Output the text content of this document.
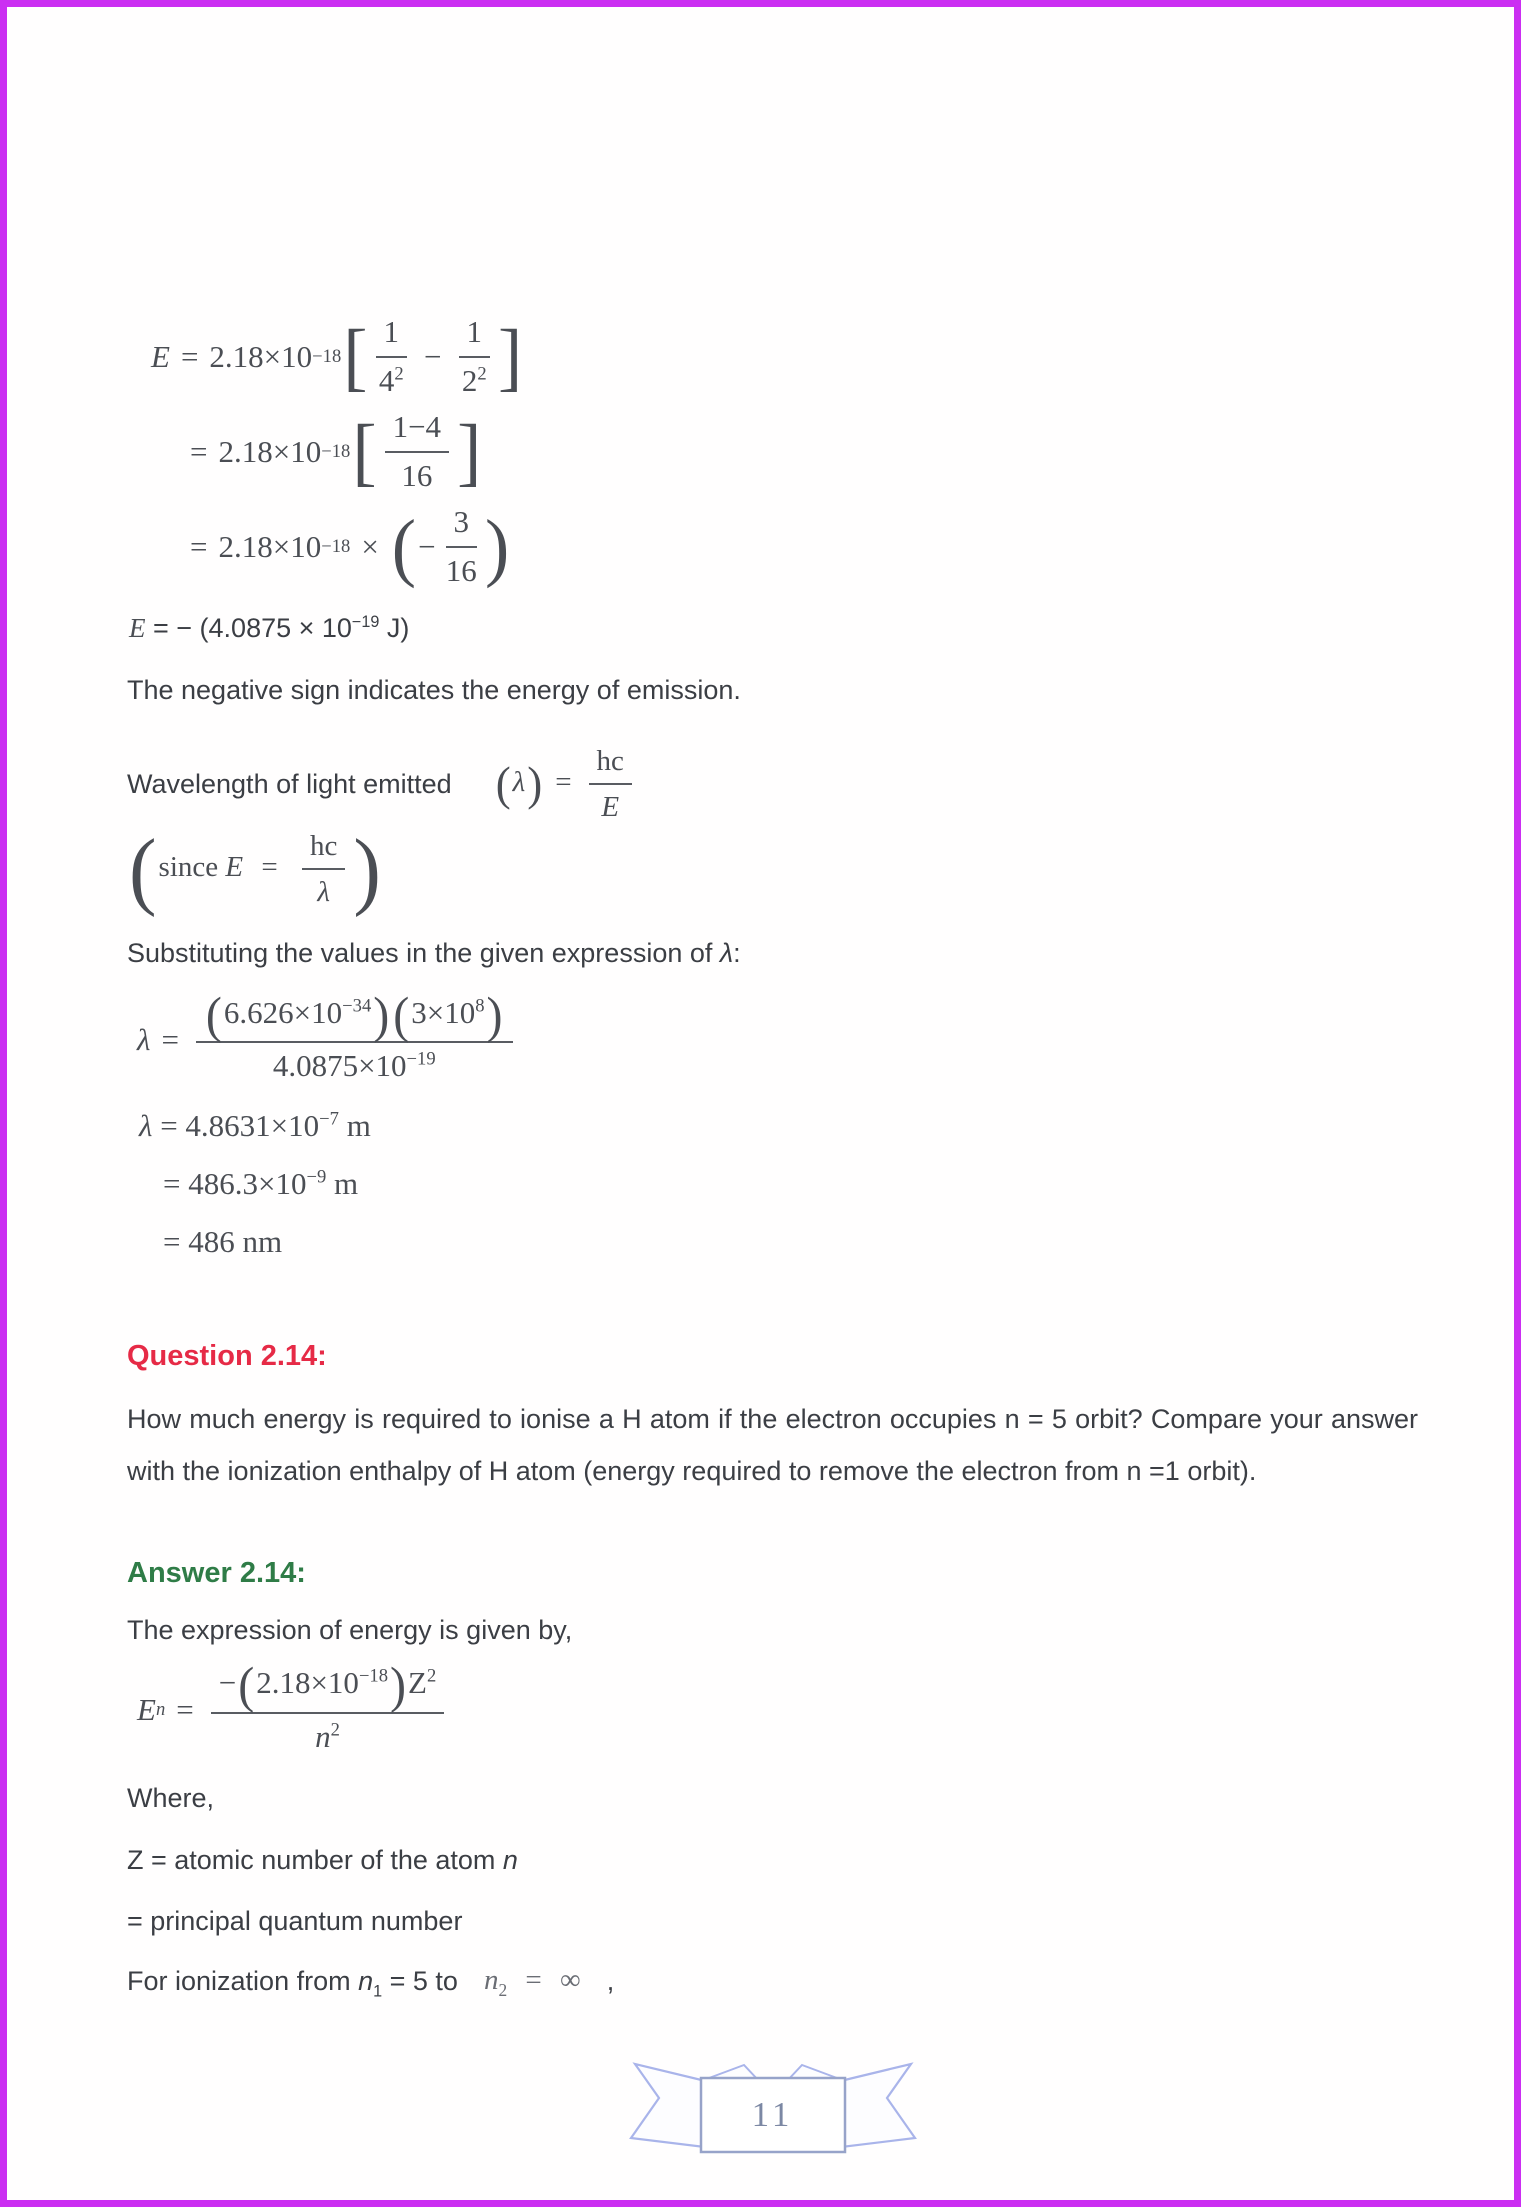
E = 2.18×10 −18 [ $\frac{1}{4^2} - \frac{1}{2^2}$ ]
= 2.18×10 −18 [ $\frac{1-4}{16}$ ]
= 2.18×10 −18 × ( − $\frac{3}{16}$ )
E = − ($4.0875 \times 10^{-19}$ J)
The negative sign indicates the energy of emission.
Wavelength of light emitted $(\lambda) = \frac{hc}{E}$
( since $E = \frac{hc}{\lambda}$ )
Substituting the values in the given expression of λ:
$\lambda = \frac{(6.626\times 10^{-34})(3\times 10^8)}{4.0875\times 10^{-19}}$
$\lambda = 4.8631\times 10^{-7}$ m
= $486.3\times 10^{-9}$ m
= 486 nm
Question 2.14:
How much energy is required to ionise a H atom if the electron occupies n = 5 orbit? Compare your answer with the ionization enthalpy of H atom (energy required to remove the electron from n =1 orbit).
Answer 2.14:
The expression of energy is given by,
E $n = \frac{-(2.18\times 10^{-18})Z^2}{n^2}$
Where,
Z = atomic number of the atom n
= principal quantum number
For ionization from $n_1 = 5$ to $n_2$ = ∞ ,
11
